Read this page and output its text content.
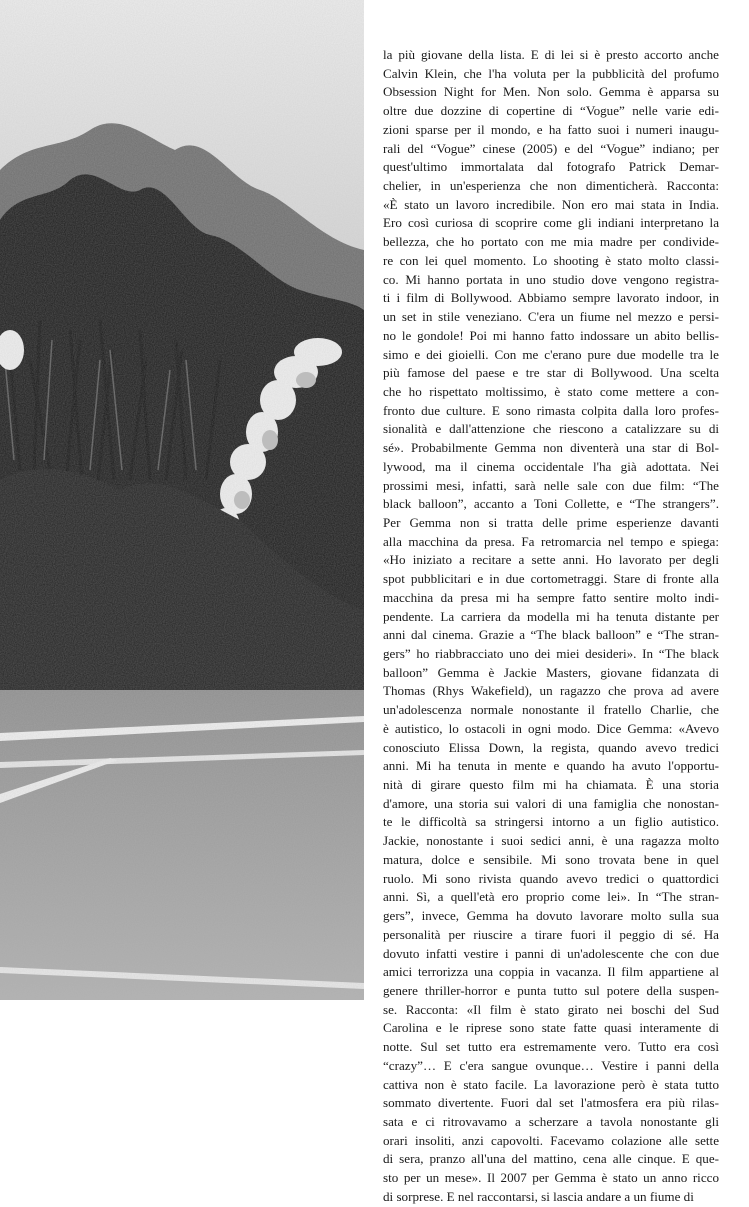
la più giovane della lista. E di lei si è presto accorto anche
Calvin Klein, che l'ha voluta per la pubblicità del profumo
Obsession Night for Men. Non solo. Gemma è apparsa su
oltre due dozzine di copertine di “Vogue” nelle varie edi-
zioni sparse per il mondo, e ha fatto suoi i numeri inaugu-
rali del “Vogue” cinese (2005) e del “Vogue” indiano; per
quest'ultimo immortalata dal fotografo Patrick Demar-
chelier, in un'esperienza che non dimenticherà. Racconta:
«È stato un lavoro incredibile. Non ero mai stata in India.
Ero così curiosa di scoprire come gli indiani interpretano la
bellezza, che ho portato con me mia madre per condivide-
re con lei quel momento. Lo shooting è stato molto classi-
co. Mi hanno portata in uno studio dove vengono registra-
ti i film di Bollywood. Abbiamo sempre lavorato indoor, in
un set in stile veneziano. C'era un fiume nel mezzo e persi-
no le gondole! Poi mi hanno fatto indossare un abito bellis-
simo e dei gioielli. Con me c'erano pure due modelle tra le
più famose del paese e tre star di Bollywood. Una scelta
che ho rispettato moltissimo, è stato come mettere a con-
fronto due culture. E sono rimasta colpita dalla loro profes-
sionalità e dall'attenzione che riescono a catalizzare su di
sé». Probabilmente Gemma non diventerà una star di Bol-
lywood, ma il cinema occidentale l'ha già adottata. Nei
prossimi mesi, infatti, sarà nelle sale con due film: “The
black balloon”, accanto a Toni Collette, e “The strangers”.
Per Gemma non si tratta delle prime esperienze davanti
alla macchina da presa. Fa retromarcia nel tempo e spiega:
«Ho iniziato a recitare a sette anni. Ho lavorato per degli
spot pubblicitari e in due cortometraggi. Stare di fronte alla
macchina da presa mi ha sempre fatto sentire molto indi-
pendente. La carriera da modella mi ha tenuta distante per
anni dal cinema. Grazie a “The black balloon” e “The stran-
gers” ho riabbracciato uno dei miei desideri». In “The black
balloon” Gemma è Jackie Masters, giovane fidanzata di
Thomas (Rhys Wakefield), un ragazzo che prova ad avere
un'adolescenza normale nonostante il fratello Charlie, che
è autistico, lo ostacoli in ogni modo. Dice Gemma: «Avevo
conosciuto Elissa Down, la regista, quando avevo tredici
anni. Mi ha tenuta in mente e quando ha avuto l'opportu-
nità di girare questo film mi ha chiamata. È una storia
d'amore, una storia sui valori di una famiglia che nonostan-
te le difficoltà sa stringersi intorno a un figlio autistico.
Jackie, nonostante i suoi sedici anni, è una ragazza molto
matura, dolce e sensibile. Mi sono trovata bene in quel
ruolo. Mi sono rivista quando avevo tredici o quattordici
anni. Sì, a quell'età ero proprio come lei». In “The stran-
gers”, invece, Gemma ha dovuto lavorare molto sulla sua
personalità per riuscire a tirare fuori il peggio di sé. Ha
dovuto infatti vestire i panni di un'adolescente che con due
amici terrorizza una coppia in vacanza. Il film appartiene al
genere thriller-horror e punta tutto sul potere della suspen-
se. Racconta: «Il film è stato girato nei boschi del Sud
Carolina e le riprese sono state fatte quasi interamente di
notte. Sul set tutto era estremamente vero. Tutto era così
“crazy”… E c'era sangue ovunque… Vestire i panni della
cattiva non è stato facile. La lavorazione però è stata tutto
sommato divertente. Fuori dal set l'atmosfera era più rilas-
sata e ci ritrovavamo a scherzare a tavola nonostante gli
orari insoliti, anzi capovolti. Facevamo colazione alle sette
di sera, pranzo all'una del mattino, cena alle cinque. E que-
sto per un mese». Il 2007 per Gemma è stato un anno ricco
di sorprese. E nel raccontarsi, si lascia andare a un fiume di
